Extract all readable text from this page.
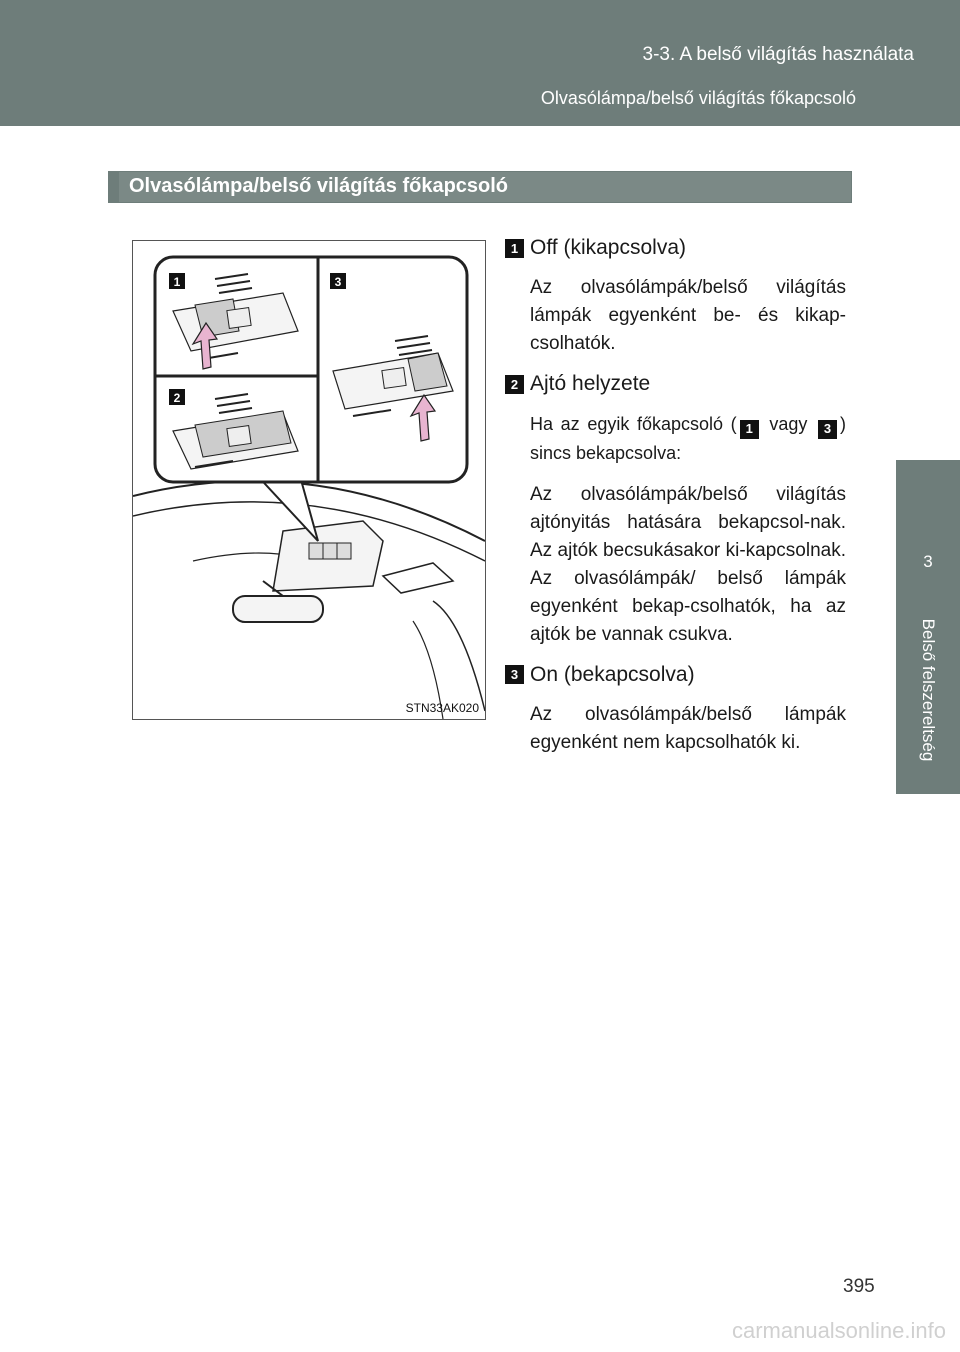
3-3. A belső világítás használata
Olvasólámpa/belső világítás főkapcsoló
3
Belső felszereltség
Olvasólámpa/belső világítás főkapcsoló
1	3
2
STN33AK020
1 Off (kikapcsolva)
Az olvasólámpák/belső világítás lámpák egyenként be- és kikap-csolhatók.
2 Ajtó helyzete
Ha az egyik főkapcsoló ( 1 vagy 3 ) sincs bekapcsolva:
Az olvasólámpák/belső világítás ajtónyitás hatására bekapcsol-nak. Az ajtók becsukásakor ki-kapcsolnak. Az olvasólámpák/ belső lámpák egyenként bekap-csolhatók, ha az ajtók be vannak csukva.
3 On (bekapcsolva)
Az olvasólámpák/belső lámpák egyenként nem kapcsolhatók ki.
395
carmanualsonline.info
